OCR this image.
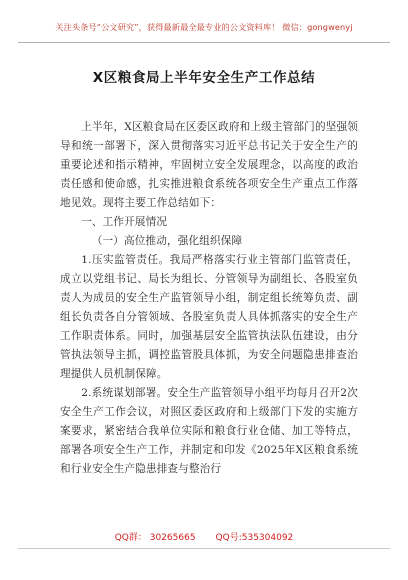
关注头条号“公文研究”，获得最新最全最专业的公文资料库！ 微信：gongwenyj
X区粮食局上半年安全生产工作总结

上半年，X区粮食局在区委区政府和上级主管部门的坚强领导和统一部署下，深入贯彻落实习近平总书记关于安全生产的重要论述和指示精神，牢固树立安全发展理念，以高度的政治责任感和使命感，扎实推进粮食系统各项安全生产重点工作落地见效。现将主要工作总结如下：

一、工作开展情况

（一）高位推动，强化组织保障

1.压实监管责任。我局严格落实行业主管部门监管责任，成立以党组书记、局长为组长、分管领导为副组长、各股室负责人为成员的安全生产监管领导小组，制定组长统筹负责、副组长负责各自分管领域、各股室负责人具体抓落实的安全生产工作职责体系。同时，加强基层安全监管执法队伍建设，由分管执法领导主抓，调控监管股具体抓，为安全问题隐患排查治理提供人员机制保障。

2.系统谋划部署。安全生产监管领导小组平均每月召开2次安全生产工作会议，对照区委区政府和上级部门下发的实施方案要求，紧密结合我单位实际和粮食行业仓储、加工等特点，部署各项安全生产工作，并制定和印发《2025年X区粮食系统和行业安全生产隐患排查与整治行

QQ群： 30265665 QQ号:535304092
